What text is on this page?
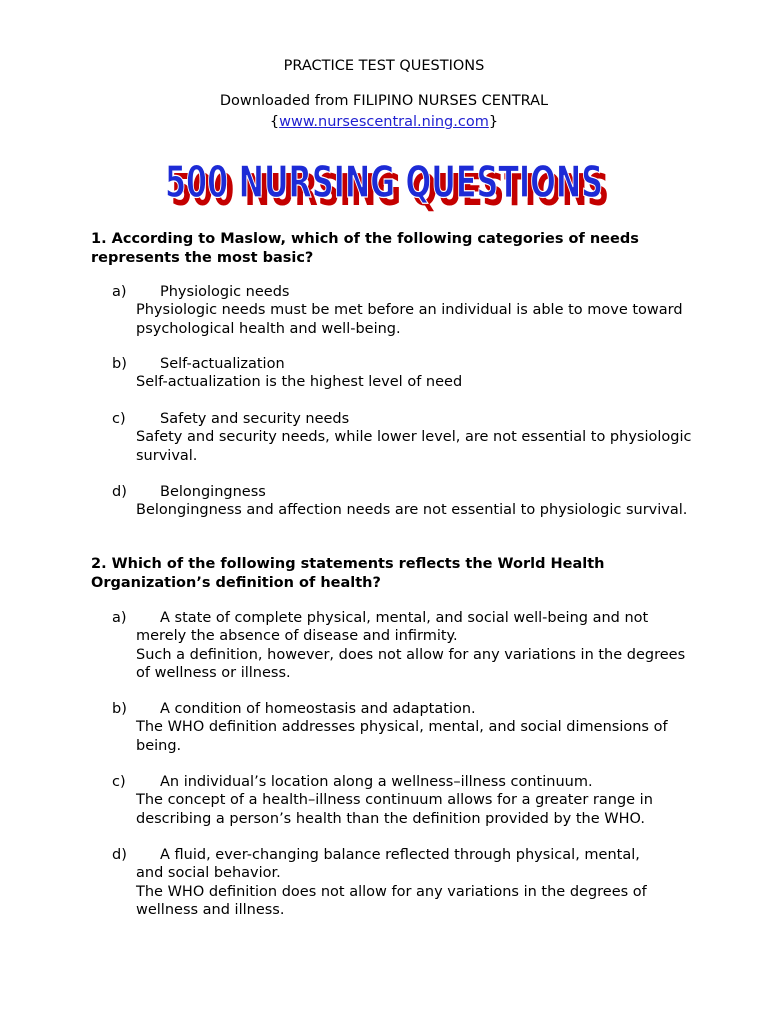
PRACTICE TEST QUESTIONS
Downloaded from FILIPINO NURSES CENTRAL
{www.nursescentral.ning.com}
500 NURSING QUESTIONS
500 NURSING QUESTIONS
1. According to Maslow, which of the following categories of needs represents the most basic?
a)	Physiologic needs
Physiologic needs must be met before an individual is able to move toward psychological health and well-being.
b)	Self-actualization
Self-actualization is the highest level of need
c)	Safety and security needs
Safety and security needs, while lower level, are not essential to physiologic survival.
d)	Belongingness
Belongingness and affection needs are not essential to physiologic survival.
2. Which of the following statements reflects the World Health Organization’s definition of health?
a)	A state of complete physical, mental, and social well-being and not
merely the absence of disease and infirmity.
Such a definition, however, does not allow for any variations in the degrees of wellness or illness.
b)	A condition of homeostasis and adaptation.
The WHO definition addresses physical, mental, and social dimensions of being.
c)	An individual’s location along a wellness–illness continuum.
The concept of a health–illness continuum allows for a greater range in describing a person’s health than the definition provided by the WHO.
d)	A fluid, ever-changing balance reflected through physical, mental,
and social behavior.
The WHO definition does not allow for any variations in the degrees of wellness and illness.
